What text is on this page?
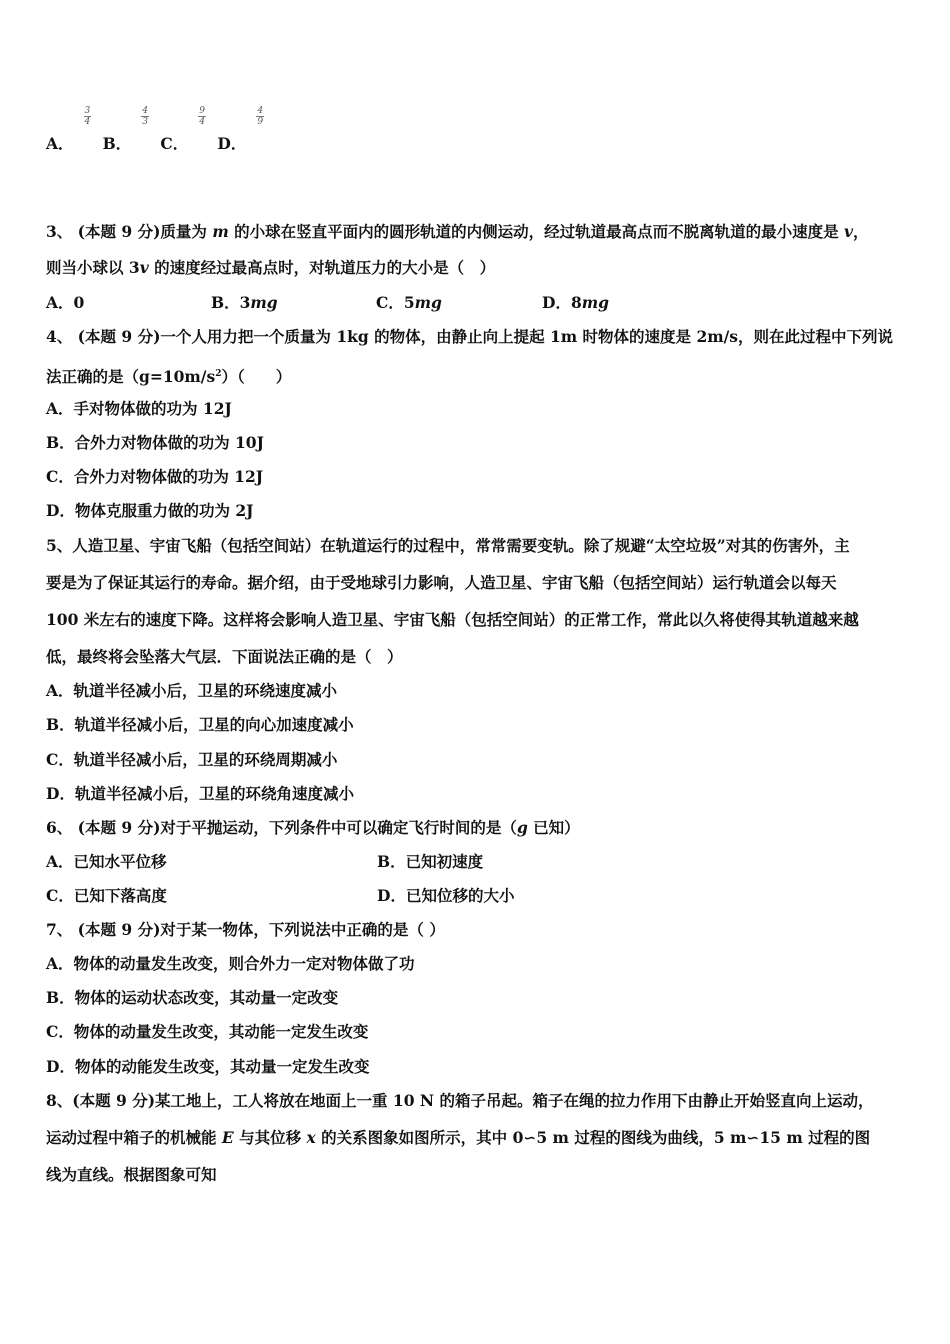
A．
$\frac{3}{4}$
B．
$\frac{4}{3}$
C．
$\frac{9}{4}$
D．
$\frac{4}{9}$
3、 (本题 9 分)质量为 m 的小球在竖直平面内的圆形轨道的内侧运动，经过轨道最高点而不脱离轨道的最小速度是 v，
则当小球以 3v 的速度经过最高点时，对轨道压力的大小是（　）
A．0	B．3mg	C．5mg	D．8mg
4、 (本题 9 分)一个人用力把一个质量为 1kg 的物体，由静止向上提起 1m 时物体的速度是 2m/s，则在此过程中下列说
法正确的是$(g=10m/s^2)$（　　）
A．手对物体做的功为 12J
B．合外力对物体做的功为 10J
C．合外力对物体做的功为 12J
D．物体克服重力做的功为 2J
5、人造卫星、宇宙飞船（包括空间站）在轨道运行的过程中，常常需要变轨。除了规避“太空垃圾”对其的伤害外，主
要是为了保证其运行的寿命。据介绍，由于受地球引力影响，人造卫星、宇宙飞船（包括空间站）运行轨道会以每天
100 米左右的速度下降。这样将会影响人造卫星、宇宙飞船（包括空间站）的正常工作，常此以久将使得其轨道越来越
低，最终将会坠落大气层．下面说法正确的是（　）
A．轨道半径减小后，卫星的环绕速度减小
B．轨道半径减小后，卫星的向心加速度减小
C．轨道半径减小后，卫星的环绕周期减小
D．轨道半径减小后，卫星的环绕角速度减小
6、 (本题 9 分)对于平抛运动，下列条件中可以确定飞行时间的是（g 已知）
A．已知水平位移	B．已知初速度
C．已知下落高度	D．已知位移的大小
7、 (本题 9 分)对于某一物体，下列说法中正确的是（ ）
A．物体的动量发生改变，则合外力一定对物体做了功
B．物体的运动状态改变，其动量一定改变
C．物体的动量发生改变，其动能一定发生改变
D．物体的动能发生改变，其动量一定发生改变
8、(本题 9 分)某工地上，工人将放在地面上一重 10 N 的箱子吊起。箱子在绳的拉力作用下由静止开始竖直向上运动，
运动过程中箱子的机械能 E 与其位移 x 的关系图象如图所示，其中 0∽5 m 过程的图线为曲线，5 m∽15 m 过程的图
线为直线。根据图象可知
